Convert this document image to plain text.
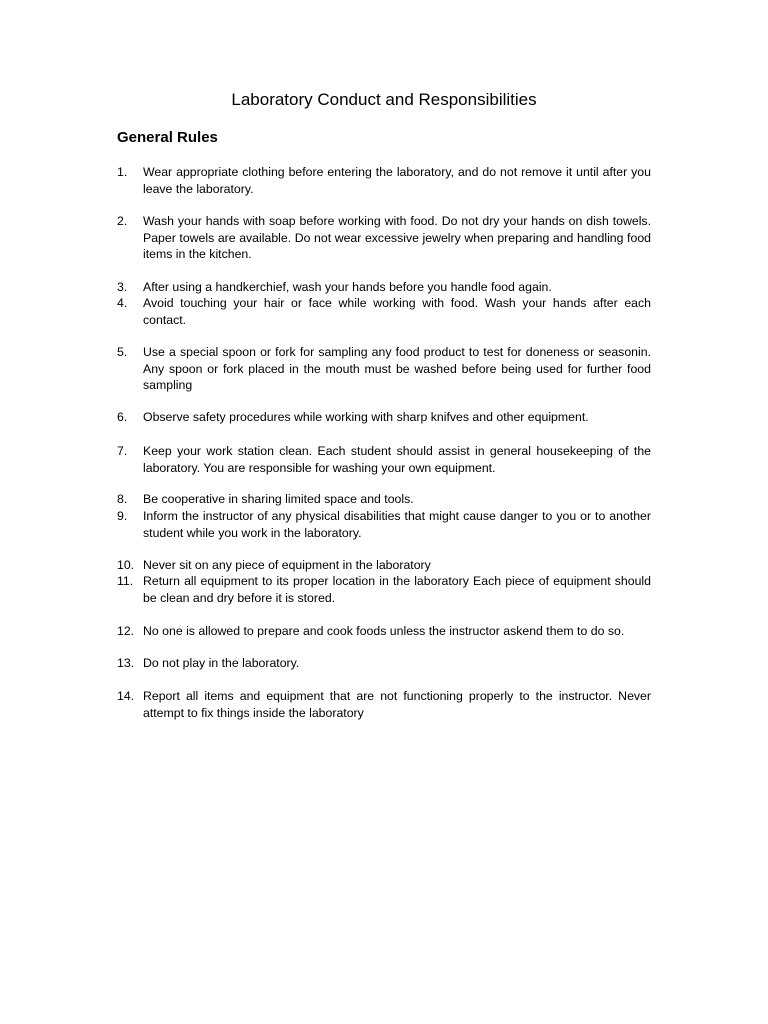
Laboratory Conduct and Responsibilities
General Rules
1.	Wear appropriate clothing before entering the laboratory, and do not remove it until after you leave the laboratory.
2.	Wash your hands with soap before working with food. Do not dry your hands on dish towels. Paper towels are available. Do not wear excessive jewelry when preparing and handling food items in the kitchen.
3.	After using a handkerchief, wash your hands before you handle food again.
4.	Avoid touching your hair or face while working with food. Wash your hands after each contact.
5.	Use a special spoon or fork for sampling any food product to test for doneness or seasonin. Any spoon or fork placed in the mouth must be washed before being used for further food sampling
6.	Observe safety procedures while working with sharp knifves and other equipment.
7.	Keep your work station clean. Each student should assist in general housekeeping of the laboratory. You are responsible for washing your own equipment.
8.	Be cooperative in sharing limited space and tools.
9.	Inform the instructor of any physical disabilities that might cause danger to you or to another student while you work in the laboratory.
10. Never sit on any piece of equipment in the laboratory
11. Return all equipment to its proper location in the laboratory Each piece of equipment should be clean and dry before it is stored.
12. No one is allowed to prepare and cook foods unless the instructor askend them to do so.
13. Do not play in the laboratory.
14. Report all items and equipment that are not functioning properly to the instructor. Never attempt to fix things inside the laboratory
